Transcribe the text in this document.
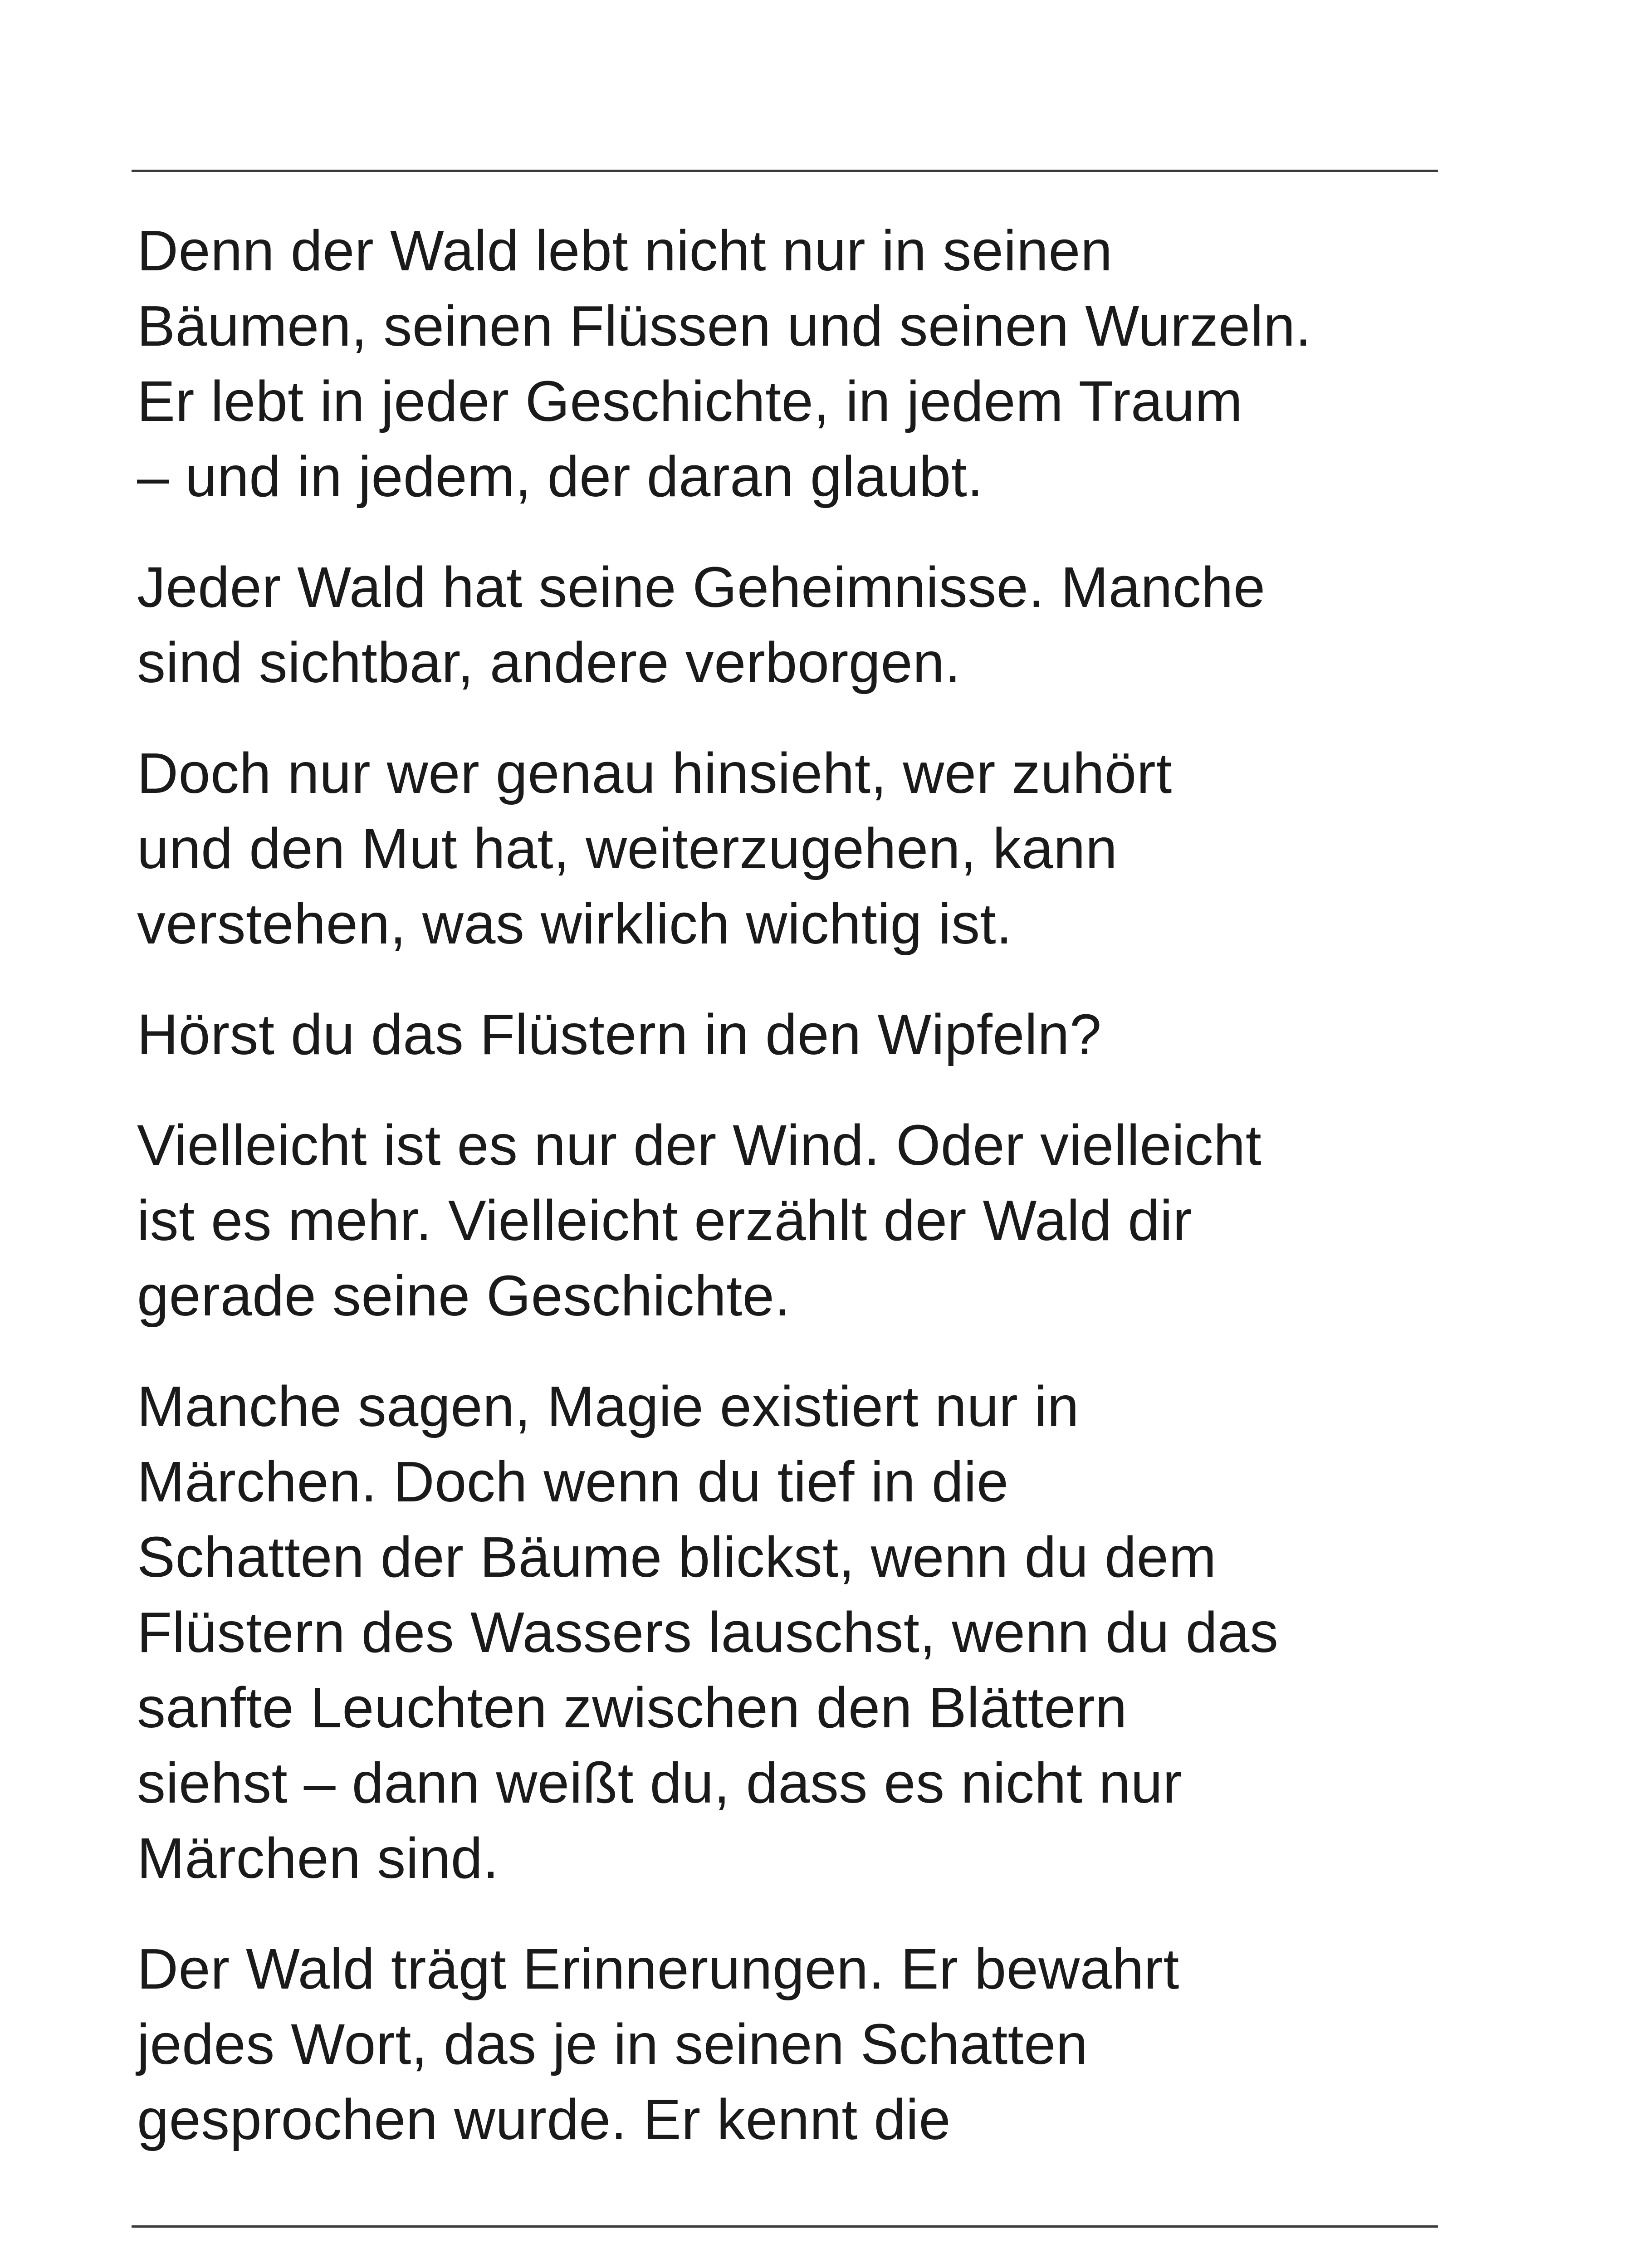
Denn der Wald lebt nicht nur in seinen
Bäumen, seinen Flüssen und seinen Wurzeln.
Er lebt in jeder Geschichte, in jedem Traum
– und in jedem, der daran glaubt.

Jeder Wald hat seine Geheimnisse. Manche
sind sichtbar, andere verborgen.

Doch nur wer genau hinsieht, wer zuhört
und den Mut hat, weiterzugehen, kann
verstehen, was wirklich wichtig ist.

Hörst du das Flüstern in den Wipfeln?

Vielleicht ist es nur der Wind. Oder vielleicht
ist es mehr. Vielleicht erzählt der Wald dir
gerade seine Geschichte.

Manche sagen, Magie existiert nur in
Märchen. Doch wenn du tief in die
Schatten der Bäume blickst, wenn du dem
Flüstern des Wassers lauschst, wenn du das
sanfte Leuchten zwischen den Blättern
siehst – dann weißt du, dass es nicht nur
Märchen sind.

Der Wald trägt Erinnerungen. Er bewahrt
jedes Wort, das je in seinen Schatten
gesprochen wurde. Er kennt die
